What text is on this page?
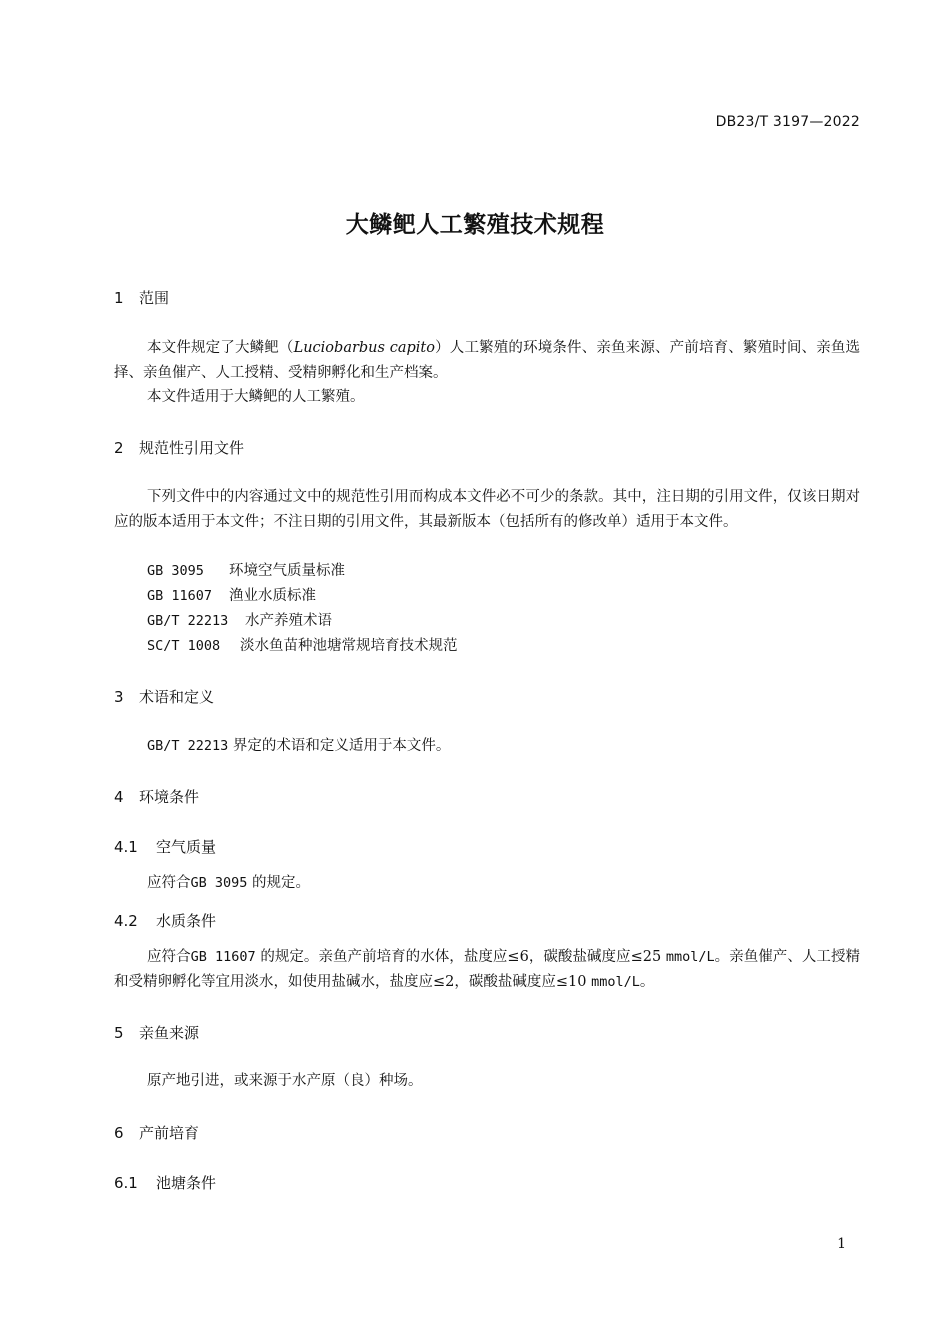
DB23/T 3197—2022
大鳞鲃人工繁殖技术规程
1 范围

本文件规定了大鳞鲃（Luciobarbus capito）人工繁殖的环境条件、亲鱼来源、产前培育、繁殖时间、亲鱼选择、亲鱼催产、人工授精、受精卵孵化和生产档案。

本文件适用于大鳞鲃的人工繁殖。

2 规范性引用文件

下列文件中的内容通过文中的规范性引用而构成本文件必不可少的条款。其中，注日期的引用文件，仅该日期对应的版本适用于本文件；不注日期的引用文件，其最新版本（包括所有的修改单）适用于本文件。

GB 3095 环境空气质量标准
GB 11607 渔业水质标准
GB/T 22213 水产养殖术语
SC/T 1008 淡水鱼苗种池塘常规培育技术规范
3 术语和定义
GB/T 22213 界定的术语和定义适用于本文件。
4 环境条件
4.1 空气质量
应符合GB 3095 的规定。
4.2 水质条件

应符合GB 11607 的规定。亲鱼产前培育的水体，盐度应≤6，碳酸盐碱度应≤25 mmol/L。亲鱼催产、人工授精和受精卵孵化等宜用淡水，如使用盐碱水，盐度应≤2，碳酸盐碱度应≤10 mmol/L。

5 亲鱼来源

原产地引进，或来源于水产原（良）种场。

6 产前培育
6.1 池塘条件
1
